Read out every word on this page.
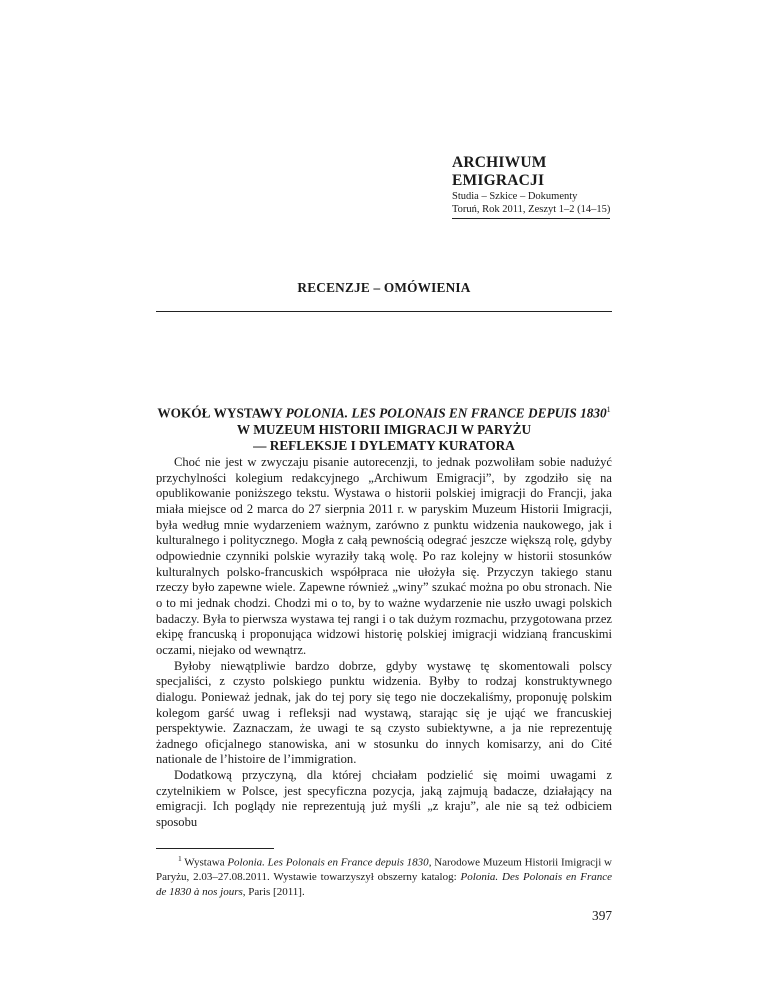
ARCHIWUM EMIGRACJI
Studia – Szkice – Dokumenty
Toruń, Rok 2011, Zeszyt 1–2 (14–15)
RECENZJE – OMÓWIENIA
WOKÓŁ WYSTAWY POLONIA. LES POLONAIS EN FRANCE DEPUIS 1830$^1$
W MUZEUM HISTORII IMIGRACJI W PARYŻU
— REFLEKSJE I DYLEMATY KURATORA

Choć nie jest w zwyczaju pisanie autorecenzji, to jednak pozwoliłam sobie nadużyć przychylności kolegium redakcyjnego „Archiwum Emigracji”, by zgodziło się na opublikowanie poniższego tekstu. Wystawa o historii polskiej imigracji do Francji, jaka miała miejsce od 2 marca do 27 sierpnia 2011 r. w paryskim Muzeum Historii Imigracji, była według mnie wydarzeniem ważnym, zarówno z punktu widzenia naukowego, jak i kulturalnego i politycznego. Mogła z całą pewnością odegrać jeszcze większą rolę, gdyby odpowiednie czynniki polskie wyraziły taką wolę. Po raz kolejny w historii stosunków kulturalnych polsko-francuskich współpraca nie ułożyła się. Przyczyn takiego stanu rzeczy było zapewne wiele. Zapewne również „winy” szukać można po obu stronach. Nie o to mi jednak chodzi. Chodzi mi o to, by to ważne wydarzenie nie uszło uwagi polskich badaczy. Była to pierwsza wystawa tej rangi i o tak dużym rozmachu, przygotowana przez ekipę francuską i proponująca widzowi historię polskiej imigracji widzianą francuskimi oczami, niejako od wewnątrz.

Byłoby niewątpliwie bardzo dobrze, gdyby wystawę tę skomentowali polscy specjaliści, z czysto polskiego punktu widzenia. Byłby to rodzaj konstruktywnego dialogu. Ponieważ jednak, jak do tej pory się tego nie doczekaliśmy, proponuję polskim kolegom garść uwag i refleksji nad wystawą, starając się je ująć we francuskiej perspektywie. Zaznaczam, że uwagi te są czysto subiektywne, a ja nie reprezentuję żadnego oficjalnego stanowiska, ani w stosunku do innych komisarzy, ani do Cité nationale de l’histoire de l’immigration.

Dodatkową przyczyną, dla której chciałam podzielić się moimi uwagami z czytelnikiem w Polsce, jest specyficzna pozycja, jaką zajmują badacze, działający na emigracji. Ich poglądy nie reprezentują już myśli „z kraju”, ale nie są też odbiciem sposobu

$^1$ Wystawa Polonia. Les Polonais en France depuis 1830, Narodowe Muzeum Historii Imigracji w Paryżu, 2.03–27.08.2011. Wystawie towarzyszył obszerny katalog: Polonia. Des Polonais en France de 1830 à nos jours, Paris [2011].
397
